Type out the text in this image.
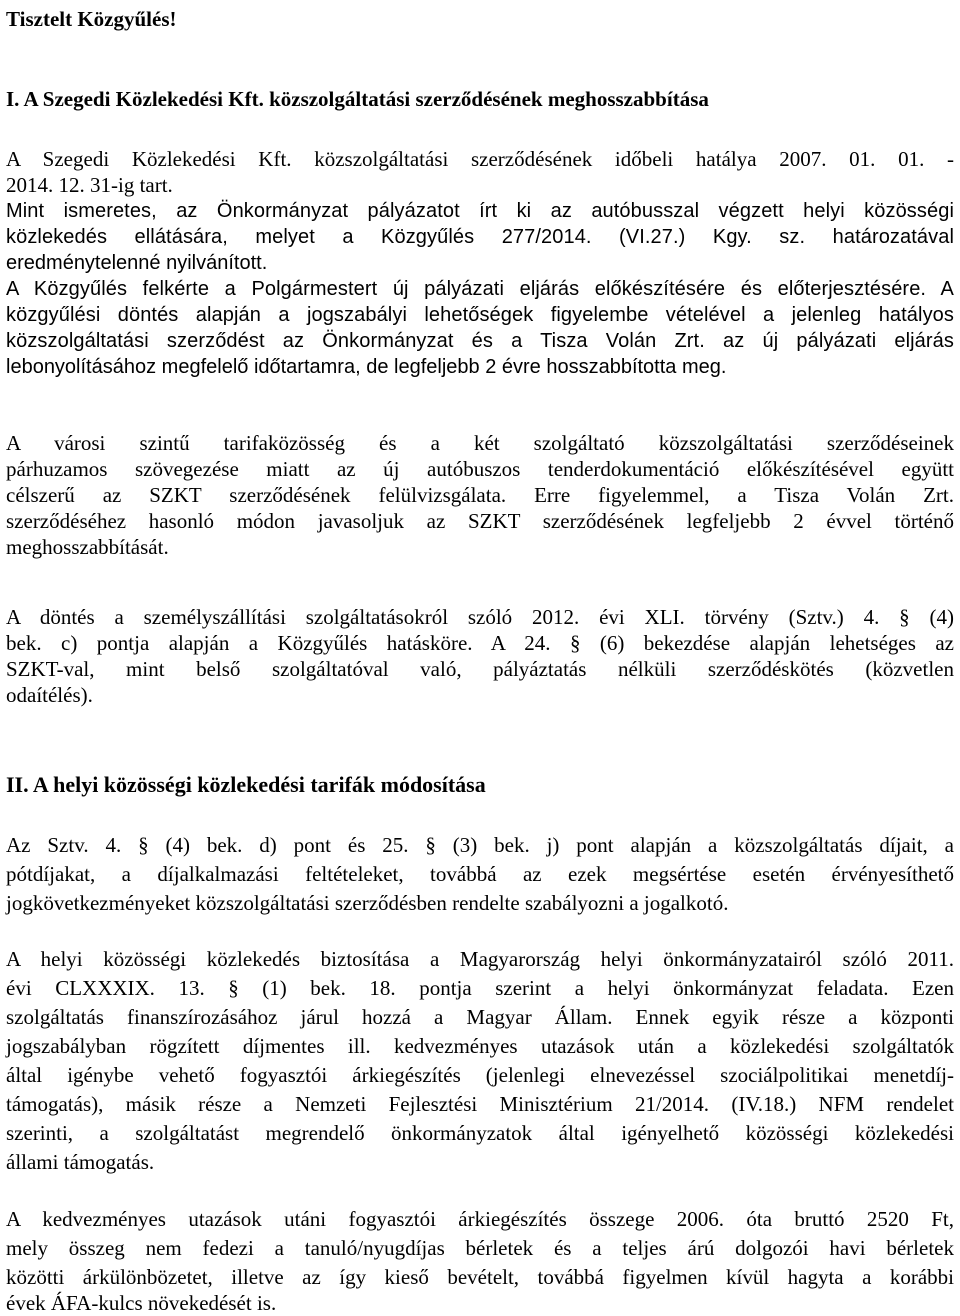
Tisztelt Közgyűlés!
I. A Szegedi Közlekedési Kft. közszolgáltatási szerződésének meghosszabbítása
A Szegedi Közlekedési Kft. közszolgáltatási szerződésének időbeli hatálya 2007. 01. 01. -
2014. 12. 31-ig tart.
Mint ismeretes, az Önkormányzat pályázatot írt ki az autóbusszal végzett helyi közösségi
közlekedés ellátására, melyet a Közgyűlés 277/2014. (VI.27.) Kgy. sz. határozatával
eredménytelenné nyilvánított.
A Közgyűlés felkérte a Polgármestert új pályázati eljárás előkészítésére és előterjesztésére. A
közgyűlési döntés alapján a jogszabályi lehetőségek figyelembe vételével a jelenleg hatályos
közszolgáltatási szerződést az Önkormányzat és a Tisza Volán Zrt. az új pályázati eljárás
lebonyolításához megfelelő időtartamra, de legfeljebb 2 évre hosszabbította meg.
A városi szintű tarifaközösség és a két szolgáltató közszolgáltatási szerződéseinek
párhuzamos szövegezése miatt az új autóbuszos tenderdokumentáció előkészítésével együtt
célszerű az SZKT szerződésének felülvizsgálata. Erre figyelemmel, a Tisza Volán Zrt.
szerződéséhez hasonló módon javasoljuk az SZKT szerződésének legfeljebb 2 évvel történő
meghosszabbítását.
A döntés a személyszállítási szolgáltatásokról szóló 2012. évi XLI. törvény (Sztv.) 4. § (4)
bek. c) pontja alapján a Közgyűlés hatásköre. A 24. § (6) bekezdése alapján lehetséges az
SZKT-val, mint belső szolgáltatóval való, pályáztatás nélküli szerződéskötés (közvetlen
odaítélés).
II. A helyi közösségi közlekedési tarifák módosítása
Az Sztv. 4. § (4) bek. d) pont és 25. § (3) bek. j) pont alapján a közszolgáltatás díjait, a
pótdíjakat, a díjalkalmazási feltételeket, továbbá az ezek megsértése esetén érvényesíthető
jogkövetkezményeket közszolgáltatási szerződésben rendelte szabályozni a jogalkotó.
A helyi közösségi közlekedés biztosítása a Magyarország helyi önkormányzatairól szóló 2011.
évi CLXXXIX. 13. § (1) bek. 18. pontja szerint a helyi önkormányzat feladata. Ezen
szolgáltatás finanszírozásához járul hozzá a Magyar Állam. Ennek egyik része a központi
jogszabályban rögzített díjmentes ill. kedvezményes utazások után a közlekedési szolgáltatók
által igénybe vehető fogyasztói árkiegészítés (jelenlegi elnevezéssel szociálpolitikai menetdíj-
támogatás), másik része a Nemzeti Fejlesztési Minisztérium 21/2014. (IV.18.) NFM rendelet
szerinti, a szolgáltatást megrendelő önkormányzatok által igényelhető közösségi közlekedési
állami támogatás.
A kedvezményes utazások utáni fogyasztói árkiegészítés összege 2006. óta bruttó 2520 Ft,
mely összeg nem fedezi a tanuló/nyugdíjas bérletek és a teljes árú dolgozói havi bérletek
közötti árkülönbözetet, illetve az így kieső bevételt, továbbá figyelmen kívül hagyta a korábbi
évek ÁFA-kulcs növekedését is.
